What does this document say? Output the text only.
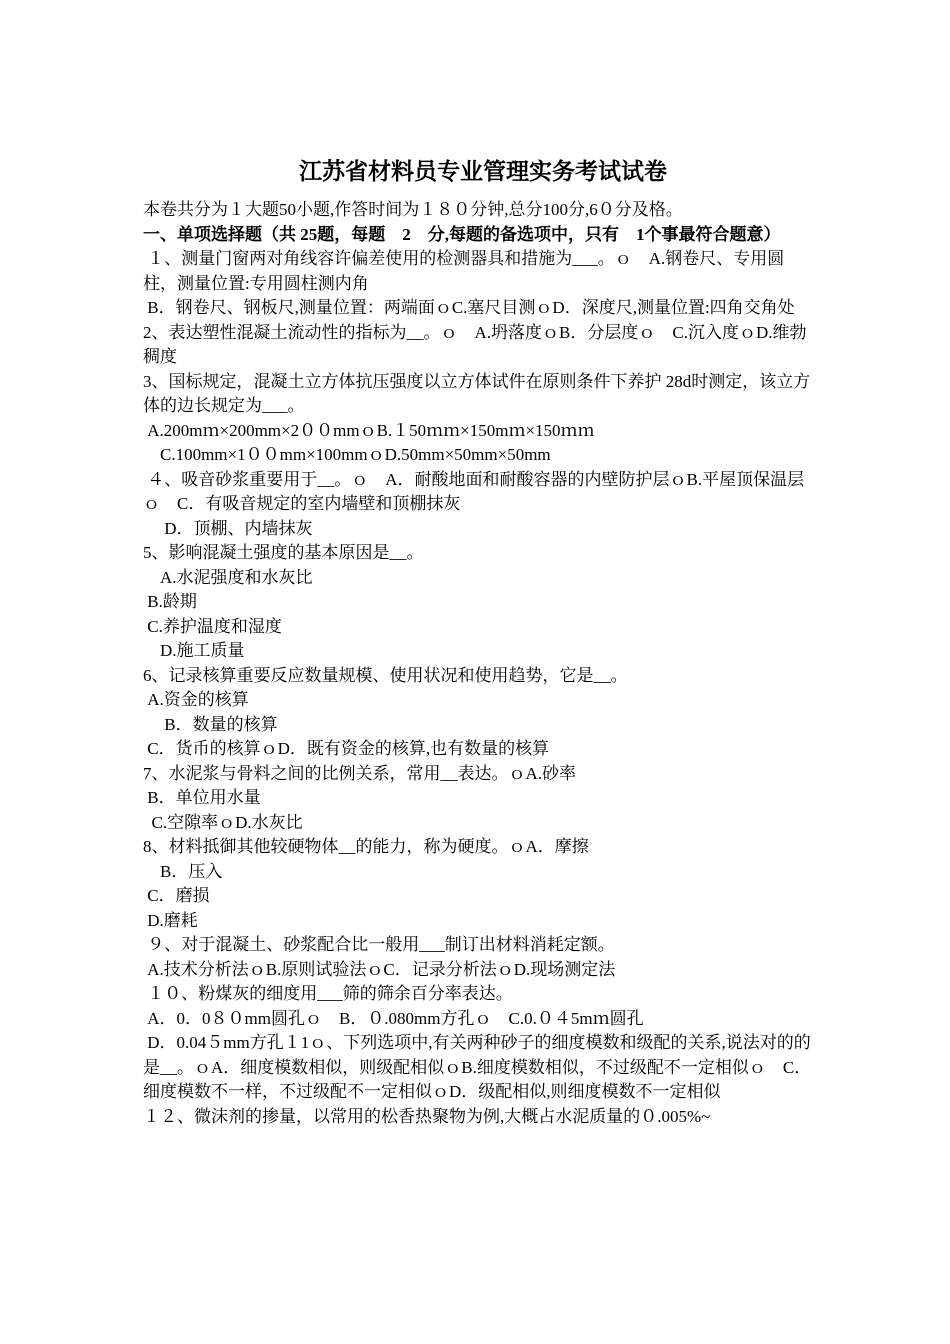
江苏省材料员专业管理实务考试试卷

本卷共分为１大题50小题,作答时间为１８０分钟,总分100分,6０分及格。

一、单项选择题（共 25题，每题　2　分,每题的备选项中，只有　1个事最符合题意）

１、测量门窗两对角线容许偏差使用的检测器具和措施为___。ｏ　A.钢卷尺、专用圆柱，测量位置:专用圆柱测内角

B．钢卷尺、钢板尺,测量位置：两端面ｏC.塞尺目测ｏD．深度尺,测量位置:四角交角处

2、表达塑性混凝土流动性的指标为__。ｏ　A.坍落度ｏB．分层度ｏ　C.沉入度ｏD.维勃稠度

3、国标规定，混凝土立方体抗压强度以立方体试件在原则条件下养护 28d时测定，该立方体的边长规定为___。

A.200mｍ×200mm×2００mmｏB.１50ｍｍ×150mｍ×150ｍｍ

　C.100mm×1００mm×100mmｏD.50mm×50mm×50mm

４、吸音砂浆重要用于__。ｏ　A．耐酸地面和耐酸容器的内壁防护层ｏB.平屋顶保温层ｏ　C．有吸音规定的室内墙壁和顶棚抹灰

　 D．顶棚、内墙抹灰

5、影响混凝土强度的基本原因是__。

　A.水泥强度和水灰比

B.龄期

C.养护温度和湿度

　D.施工质量

6、记录核算重要反应数量规模、使用状况和使用趋势，它是__。

A.资金的核算

　 B．数量的核算

C．货币的核算ｏD．既有资金的核算,也有数量的核算

7、水泥浆与骨料之间的比例关系，常用__表达。ｏA.砂率

B．单位用水量

C.空隙率ｏD.水灰比

8、材料抵御其他较硬物体__的能力，称为硬度。ｏA．摩擦

　B．压入

C．磨损

D.磨耗

９、对于混凝土、砂浆配合比一般用___制订出材料消耗定额。

A.技术分析法ｏB.原则试验法ｏC．记录分析法ｏD.现场测定法

１０、粉煤灰的细度用___筛的筛余百分率表达。

A．0．0８０mm圆孔ｏ　B．０.080mm方孔ｏ　C.0.０４5mｍ圆孔

D．0.04５mm方孔１1ｏ、下列选项中,有关两种砂子的细度模数和级配的关系,说法对的的是__。ｏA．细度模数相似，则级配相似ｏB.细度模数相似，不过级配不一定相似ｏ　C．细度模数不一样，不过级配不一定相似ｏD．级配相似,则细度模数不一定相似

１２、微沫剂的掺量，以常用的松香热聚物为例,大概占水泥质量的０.005%~
